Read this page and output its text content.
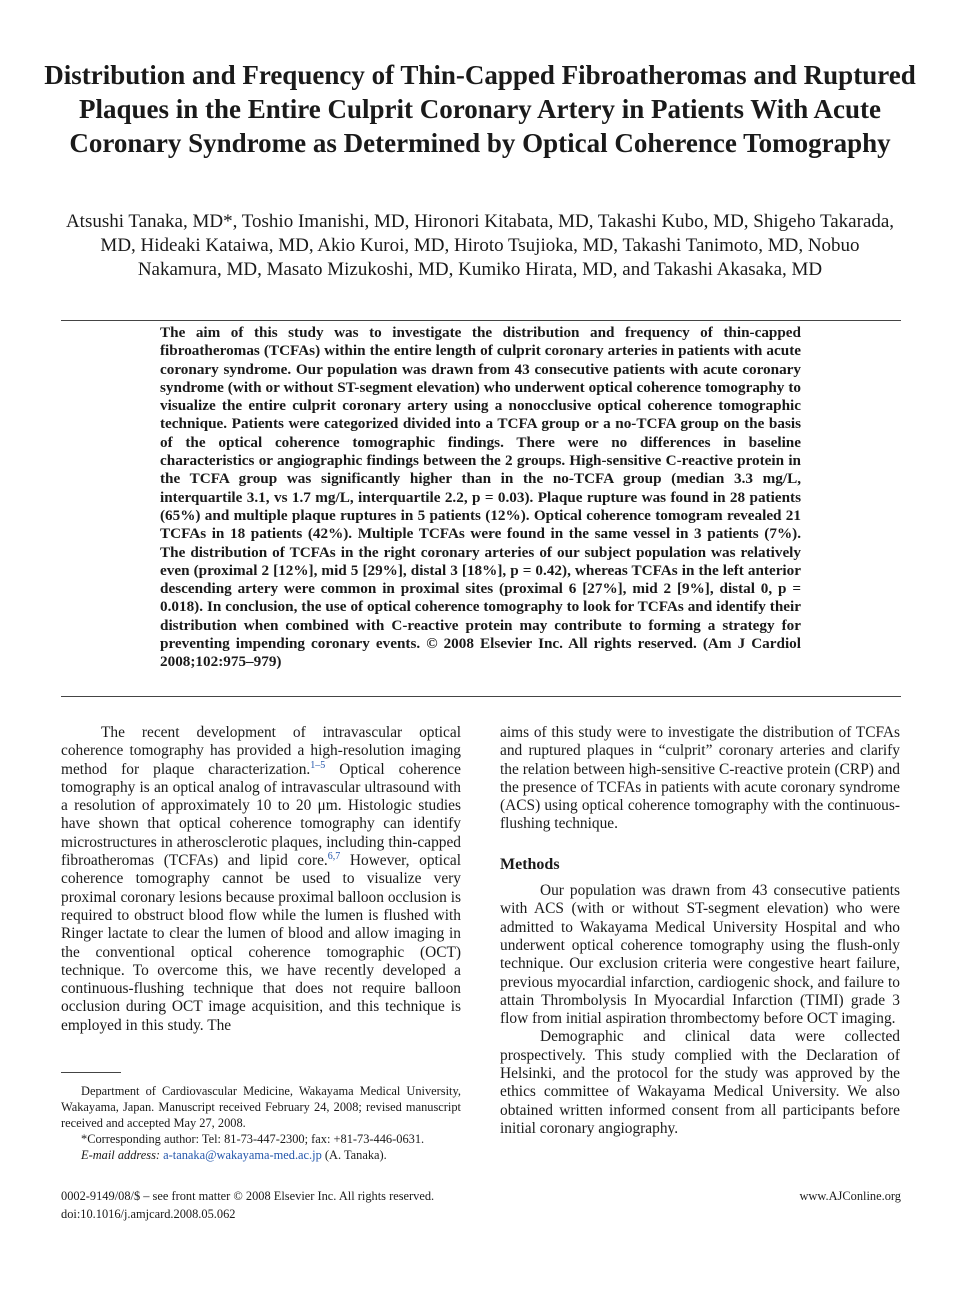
Distribution and Frequency of Thin-Capped Fibroatheromas and Ruptured Plaques in the Entire Culprit Coronary Artery in Patients With Acute Coronary Syndrome as Determined by Optical Coherence Tomography

Atsushi Tanaka, MD*, Toshio Imanishi, MD, Hironori Kitabata, MD, Takashi Kubo, MD, Shigeho Takarada, MD, Hideaki Kataiwa, MD, Akio Kuroi, MD, Hiroto Tsujioka, MD, Takashi Tanimoto, MD, Nobuo Nakamura, MD, Masato Mizukoshi, MD, Kumiko Hirata, MD, and Takashi Akasaka, MD

The aim of this study was to investigate the distribution and frequency of thin-capped fibroatheromas (TCFAs) within the entire length of culprit coronary arteries in patients with acute coronary syndrome. Our population was drawn from 43 consecutive patients with acute coronary syndrome (with or without ST-segment elevation) who underwent optical coherence tomography to visualize the entire culprit coronary artery using a nonocclusive optical coherence tomographic technique. Patients were categorized divided into a TCFA group or a no-TCFA group on the basis of the optical coherence tomographic findings. There were no differences in baseline characteristics or angiographic findings between the 2 groups. High-sensitive C-reactive protein in the TCFA group was significantly higher than in the no-TCFA group (median 3.3 mg/L, interquartile 3.1, vs 1.7 mg/L, interquartile 2.2, p = 0.03). Plaque rupture was found in 28 patients (65%) and multiple plaque ruptures in 5 patients (12%). Optical coherence tomogram revealed 21 TCFAs in 18 patients (42%). Multiple TCFAs were found in the same vessel in 3 patients (7%). The distribution of TCFAs in the right coronary arteries of our subject population was relatively even (proximal 2 [12%], mid 5 [29%], distal 3 [18%], p = 0.42), whereas TCFAs in the left anterior descending artery were common in proximal sites (proximal 6 [27%], mid 2 [9%], distal 0, p = 0.018). In conclusion, the use of optical coherence tomography to look for TCFAs and identify their distribution when combined with C-reactive protein may contribute to forming a strategy for preventing impending coronary events. © 2008 Elsevier Inc. All rights reserved. (Am J Cardiol 2008;102:975–979)

The recent development of intravascular optical coherence tomography has provided a high-resolution imaging method for plaque characterization.$^{1-5}$ Optical coherence tomography is an optical analog of intravascular ultrasound with a resolution of approximately 10 to 20 μm. Histologic studies have shown that optical coherence tomography can identify microstructures in atherosclerotic plaques, including thin-capped fibroatheromas (TCFAs) and lipid core.$^{6,7}$ However, optical coherence tomography cannot be used to visualize very proximal coronary lesions because proximal balloon occlusion is required to obstruct blood flow while the lumen is flushed with Ringer lactate to clear the lumen of blood and allow imaging in the conventional optical coherence tomographic (OCT) technique. To overcome this, we have recently developed a continuous-flushing technique that does not require balloon occlusion during OCT image acquisition, and this technique is employed in this study. The

aims of this study were to investigate the distribution of TCFAs and ruptured plaques in “culprit” coronary arteries and clarify the relation between high-sensitive C-reactive protein (CRP) and the presence of TCFAs in patients with acute coronary syndrome (ACS) using optical coherence tomography with the continuous-flushing technique.

Methods

Our population was drawn from 43 consecutive patients with ACS (with or without ST-segment elevation) who were admitted to Wakayama Medical University Hospital and who underwent optical coherence tomography using the flush-only technique. Our exclusion criteria were congestive heart failure, previous myocardial infarction, cardiogenic shock, and failure to attain Thrombolysis In Myocardial Infarction (TIMI) grade 3 flow from initial aspiration thrombectomy before OCT imaging.

Demographic and clinical data were collected prospectively. This study complied with the Declaration of Helsinki, and the protocol for the study was approved by the ethics committee of Wakayama Medical University. We also obtained written informed consent from all participants before initial coronary angiography.

Department of Cardiovascular Medicine, Wakayama Medical University, Wakayama, Japan. Manuscript received February 24, 2008; revised manuscript received and accepted May 27, 2008.

*Corresponding author: Tel: 81-73-447-2300; fax: +81-73-446-0631.

E-mail address: a-tanaka@wakayama-med.ac.jp (A. Tanaka).

0002-9149/08/$ – see front matter © 2008 Elsevier Inc. All rights reserved.
doi:10.1016/j.amjcard.2008.05.062
www.AJConline.org
